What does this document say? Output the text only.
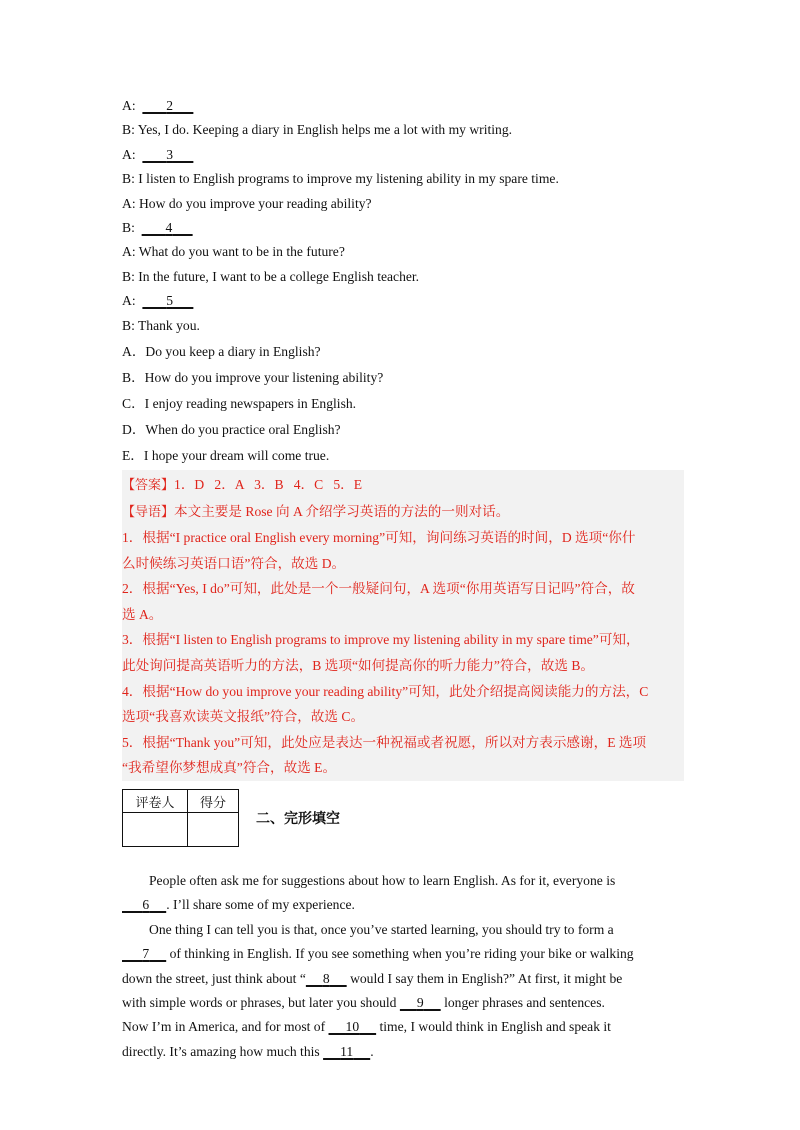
A: 2
B: Yes, I do. Keeping a diary in English helps me a lot with my writing.
A: 3
B: I listen to English programs to improve my listening ability in my spare time.
A: How do you improve your reading ability?
B: 4
A: What do you want to be in the future?
B: In the future, I want to be a college English teacher.
A: 5
B: Thank you.
A．Do you keep a diary in English?
B．How do you improve your listening ability?
C．I enjoy reading newspapers in English.
D．When do you practice oral English?
E．I hope your dream will come true.
【答案】1．D   2．A   3．B   4．C   5．E
【导语】本文主要是 Rose 向 A 介绍学习英语的方法的一则对话。
1．根据“I practice oral English every morning”可知，询问练习英语的时间，D 选项“你什
么时候练习英语口语”符合，故选 D。
2．根据“Yes, I do”可知，此处是一个一般疑问句，A 选项“你用英语写日记吗”符合，故
选 A。
3．根据“I listen to English programs to improve my listening ability in my spare time”可知，
此处询问提高英语听力的方法，B 选项“如何提高你的听力能力”符合，故选 B。
4．根据“How do you improve your reading ability”可知，此处介绍提高阅读能力的方法，C
选项“我喜欢读英文报纸”符合，故选 C。
5．根据“Thank you”可知，此处应是表达一种祝福或者祝愿，所以对方表示感谢，E 选项
“我希望你梦想成真”符合，故选 E。
评卷人	得分

二、完形填空
People often ask me for suggestions about how to learn English. As for it, everyone is
6 . I’ll share some of my experience.
One thing I can tell you is that, once you’ve started learning, you should try to form a
7      of thinking in English. If you see something when you’re riding your bike or walking
down the street, just think about “ 8      would I say them in English?” At first, it might be
with simple words or phrases, but later you should      9      longer phrases and sentences.
Now I’m in America, and for most of      10      time, I would think in English and speak it
directly. It’s amazing how much this      11 .
